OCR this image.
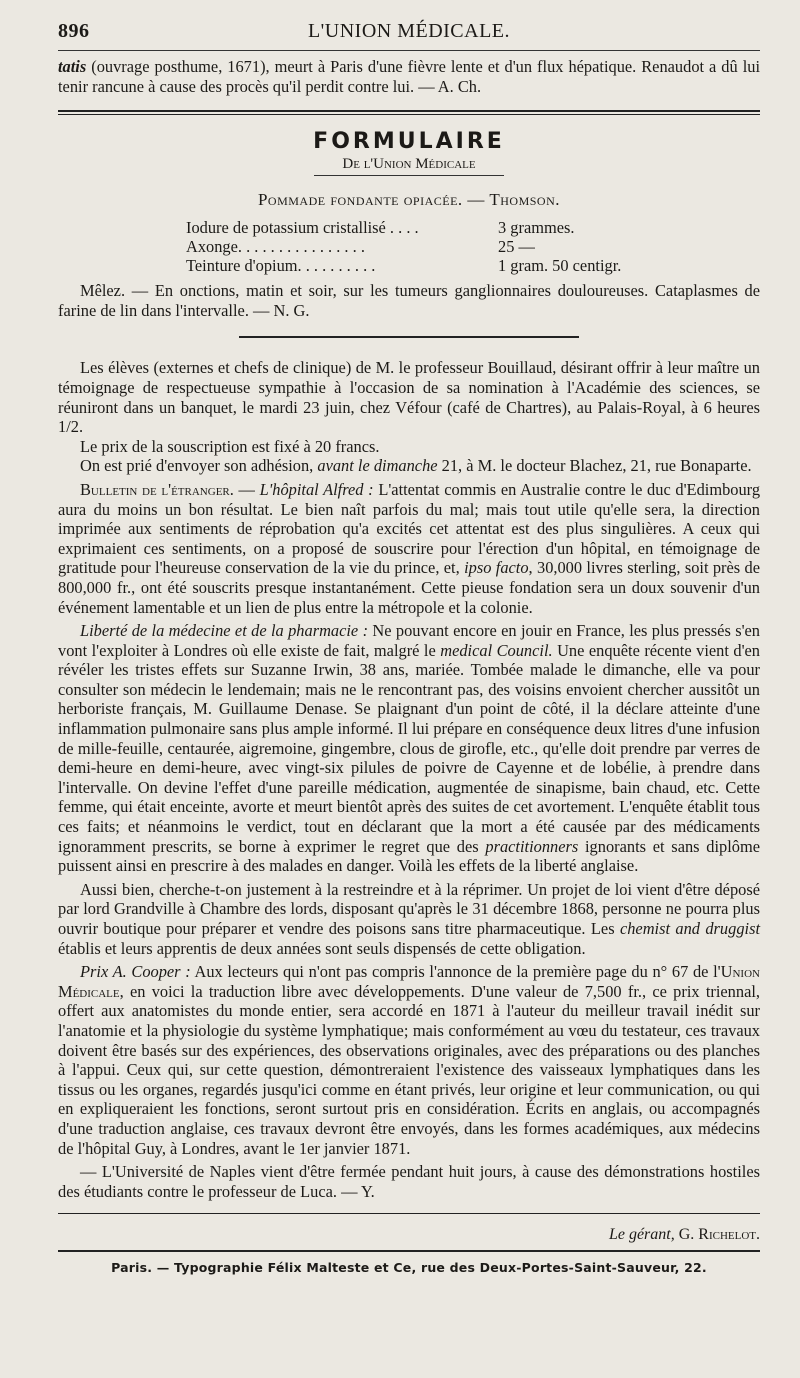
896	L'UNION MÉDICALE.

tatis (ouvrage posthume, 1671), meurt à Paris d'une fièvre lente et d'un flux hépatique. Renaudot a dû lui tenir rancune à cause des procès qu'il perdit contre lui. — A. Ch.

FORMULAIRE
De l'Union Médicale
Pommade fondante opiacée. — Thomson.
Iodure de potassium cristallisé . . . .	3 grammes.
Axonge. . . . . . . . . . . . . . . .	25 —
Teinture d'opium. . . . . . . . . .	1 gram. 50 centigr.

Mêlez. — En onctions, matin et soir, sur les tumeurs ganglionnaires douloureuses. Cataplasmes de farine de lin dans l'intervalle. — N. G.

Les élèves (externes et chefs de clinique) de M. le professeur Bouillaud, désirant offrir à leur maître un témoignage de respectueuse sympathie à l'occasion de sa nomination à l'Académie des sciences, se réuniront dans un banquet, le mardi 23 juin, chez Véfour (café de Chartres), au Palais-Royal, à 6 heures 1/2.

Le prix de la souscription est fixé à 20 francs.

On est prié d'envoyer son adhésion, avant le dimanche 21, à M. le docteur Blachez, 21, rue Bonaparte.

Bulletin de l'étranger. — L'hôpital Alfred : L'attentat commis en Australie contre le duc d'Edimbourg aura du moins un bon résultat. Le bien naît parfois du mal; mais tout utile qu'elle sera, la direction imprimée aux sentiments de réprobation qu'a excités cet attentat est des plus singulières. A ceux qui exprimaient ces sentiments, on a proposé de souscrire pour l'érection d'un hôpital, en témoignage de gratitude pour l'heureuse conservation de la vie du prince, et, ipso facto, 30,000 livres sterling, soit près de 800,000 fr., ont été souscrits presque instantanément. Cette pieuse fondation sera un doux souvenir d'un événement lamentable et un lien de plus entre la métropole et la colonie.

Liberté de la médecine et de la pharmacie : Ne pouvant encore en jouir en France, les plus pressés s'en vont l'exploiter à Londres où elle existe de fait, malgré le medical Council. Une enquête récente vient d'en révéler les tristes effets sur Suzanne Irwin, 38 ans, mariée. Tombée malade le dimanche, elle va pour consulter son médecin le lendemain; mais ne le rencontrant pas, des voisins envoient chercher aussitôt un herboriste français, M. Guillaume Denase. Se plaignant d'un point de côté, il la déclare atteinte d'une inflammation pulmonaire sans plus ample informé. Il lui prépare en conséquence deux litres d'une infusion de mille-feuille, centaurée, aigremoine, gingembre, clous de girofle, etc., qu'elle doit prendre par verres de demi-heure en demi-heure, avec vingt-six pilules de poivre de Cayenne et de lobélie, à prendre dans l'intervalle. On devine l'effet d'une pareille médication, augmentée de sinapisme, bain chaud, etc. Cette femme, qui était enceinte, avorte et meurt bientôt après des suites de cet avortement. L'enquête établit tous ces faits; et néanmoins le verdict, tout en déclarant que la mort a été causée par des médicaments ignoramment prescrits, se borne à exprimer le regret que des practitionners ignorants et sans diplôme puissent ainsi en prescrire à des malades en danger. Voilà les effets de la liberté anglaise.

Aussi bien, cherche-t-on justement à la restreindre et à la réprimer. Un projet de loi vient d'être déposé par lord Grandville à Chambre des lords, disposant qu'après le 31 décembre 1868, personne ne pourra plus ouvrir boutique pour préparer et vendre des poisons sans titre pharmaceutique. Les chemist and druggist établis et leurs apprentis de deux années sont seuls dispensés de cette obligation.

Prix A. Cooper : Aux lecteurs qui n'ont pas compris l'annonce de la première page du n° 67 de l'Union Médicale, en voici la traduction libre avec développements. D'une valeur de 7,500 fr., ce prix triennal, offert aux anatomistes du monde entier, sera accordé en 1871 à l'auteur du meilleur travail inédit sur l'anatomie et la physiologie du système lymphatique; mais conformément au vœu du testateur, ces travaux doivent être basés sur des expériences, des observations originales, avec des préparations ou des planches à l'appui. Ceux qui, sur cette question, démontreraient l'existence des vaisseaux lymphatiques dans les tissus ou les organes, regardés jusqu'ici comme en étant privés, leur origine et leur communication, ou qui en expliqueraient les fonctions, seront surtout pris en considération. Écrits en anglais, ou accompagnés d'une traduction anglaise, ces travaux devront être envoyés, dans les formes académiques, aux médecins de l'hôpital Guy, à Londres, avant le 1er janvier 1871.

— L'Université de Naples vient d'être fermée pendant huit jours, à cause des démonstrations hostiles des étudiants contre le professeur de Luca. — Y.

Le gérant, G. Richelot.
Paris. — Typographie Félix Malteste et Ce, rue des Deux-Portes-Saint-Sauveur, 22.
